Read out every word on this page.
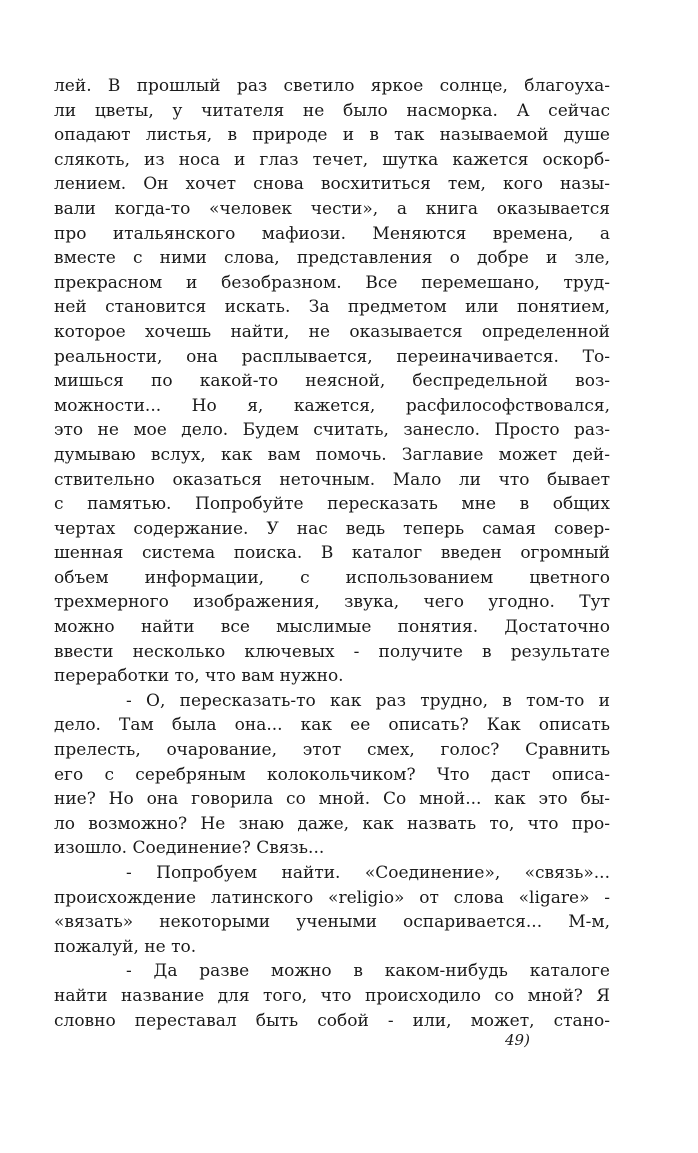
лей. В прошлый раз светило яркое солнце, благоуха-
ли цветы, у читателя не было насморка. А сейчас
опадают листья, в природе и в так называемой душе
слякоть, из носа и глаз течет, шутка кажется оскорб-
лением. Он хочет снова восхититься тем, кого назы-
вали когда-то «человек чести», а книга оказывается
про итальянского мафиози. Меняются времена, а
вместе с ними слова, представления о добре и зле,
прекрасном и безобразном. Все перемешано, труд-
ней становится искать. За предметом или понятием,
которое хочешь найти, не оказывается определенной
реальности, она расплывается, переиначивается. То-
мишься по какой-то неясной, беспредельной воз-
можности... Но я, кажется, расфилософствовался,
это не мое дело. Будем считать, занесло. Просто раз-
думываю вслух, как вам помочь. Заглавие может дей-
ствительно оказаться неточным. Мало ли что бывает
с памятью. Попробуйте пересказать мне в общих
чертах содержание. У нас ведь теперь самая совер-
шенная система поиска. В каталог введен огромный
объем информации, с использованием цветного
трехмерного изображения, звука, чего угодно. Тут
можно найти все мыслимые понятия. Достаточно
ввести несколько ключевых - получите в результате
переработки то, что вам нужно.
- О, пересказать-то как раз трудно, в том-то и
дело. Там была она... как ее описать? Как описать
прелесть, очарование, этот смех, голос? Сравнить
его с серебряным колокольчиком? Что даст описа-
ние? Но она говорила со мной. Со мной... как это бы-
ло возможно? Не знаю даже, как назвать то, что про-
изошло. Соединение? Связь...
- Попробуем найти. «Соединение», «связь»...
происхождение латинского «religio» от слова «ligare» -
«вязать» некоторыми учеными оспаривается... М-м,
пожалуй, не то.
- Да разве можно в каком-нибудь каталоге
найти название для того, что происходило со мной? Я
словно переставал быть собой - или, может, стано-
49)
